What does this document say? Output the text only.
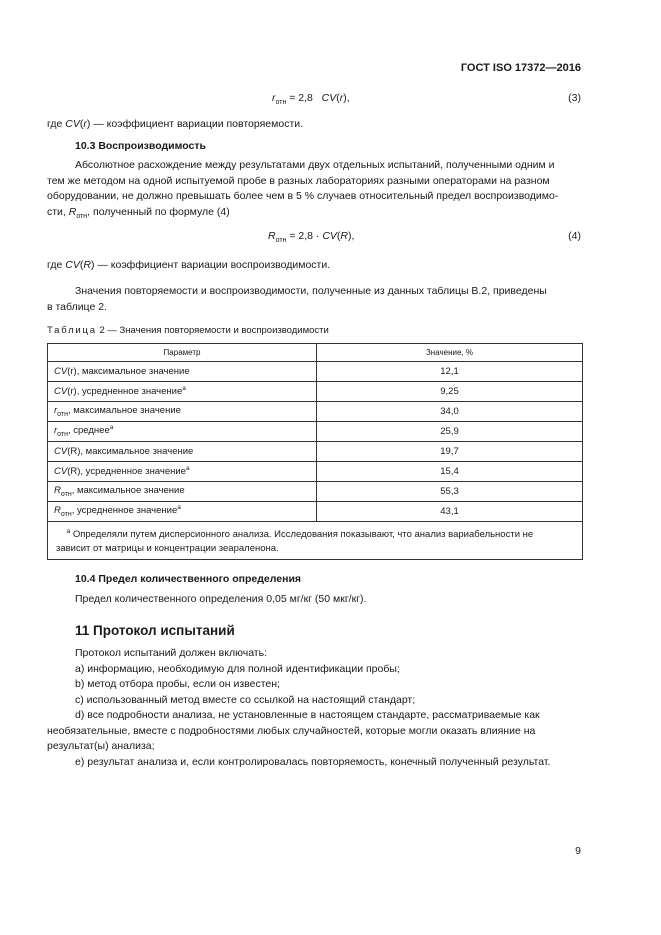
ГОСТ ISO 17372—2016
$r_{отн} = 2,8$   CV(r),	(3)
где CV(r) — коэффициент вариации повторяемости.
10.3 Воспроизводимость

Абсолютное расхождение между результатами двух отдельных испытаний, полученными одним и

тем же методом на одной испытуемой пробе в разных лабораториях разными операторами на разном

оборудовании, не должно превышать более чем в 5 % случаев относительный предел воспроизводимо-

сти, $R_{отн}$, полученный по формуле (4)

$R_{отн} = 2,8 \cdot CV(R)$,	(4)
где CV(R) — коэффициент вариации воспроизводимости.

Значения повторяемости и воспроизводимости, полученные из данных таблицы В.2, приведены

в таблице 2.

Таблица 2 — Значения повторяемости и воспроизводимости
Параметр	Значение, %
CV(r), максимальное значение	12,1
CV(r), усредненное значение$^a$	9,25
$r_{отн}$, максимальное значение	34,0
$r_{отн}$, среднее$^a$	25,9
CV(R), максимальное значение	19,7
CV(R), усредненное значение$^a$	15,4
$R_{отн}$, максимальное значение	55,3
$R_{отн}$, усредненное значение$^a$	43,1
$^a$ Определяли путем дисперсионного анализа. Исследования показывают, что анализ вариабельности не
зависит от матрицы и концентрации зеараленона.	
10.4 Предел количественного определения
Предел количественного определения 0,05 мг/кг (50 мкг/кг).
11 Протокол испытаний

Протокол испытаний должен включать:

a) информацию, необходимую для полной идентификации пробы;

b) метод отбора пробы, если он известен;

c) использованный метод вместе со ссылкой на настоящий стандарт;

d) все подробности анализа, не установленные в настоящем стандарте, рассматриваемые как

необязательные, вместе с подробностями любых случайностей, которые могли оказать влияние на

результат(ы) анализа;

e) результат анализа и, если контролировалась повторяемость, конечный полученный результат.

9
